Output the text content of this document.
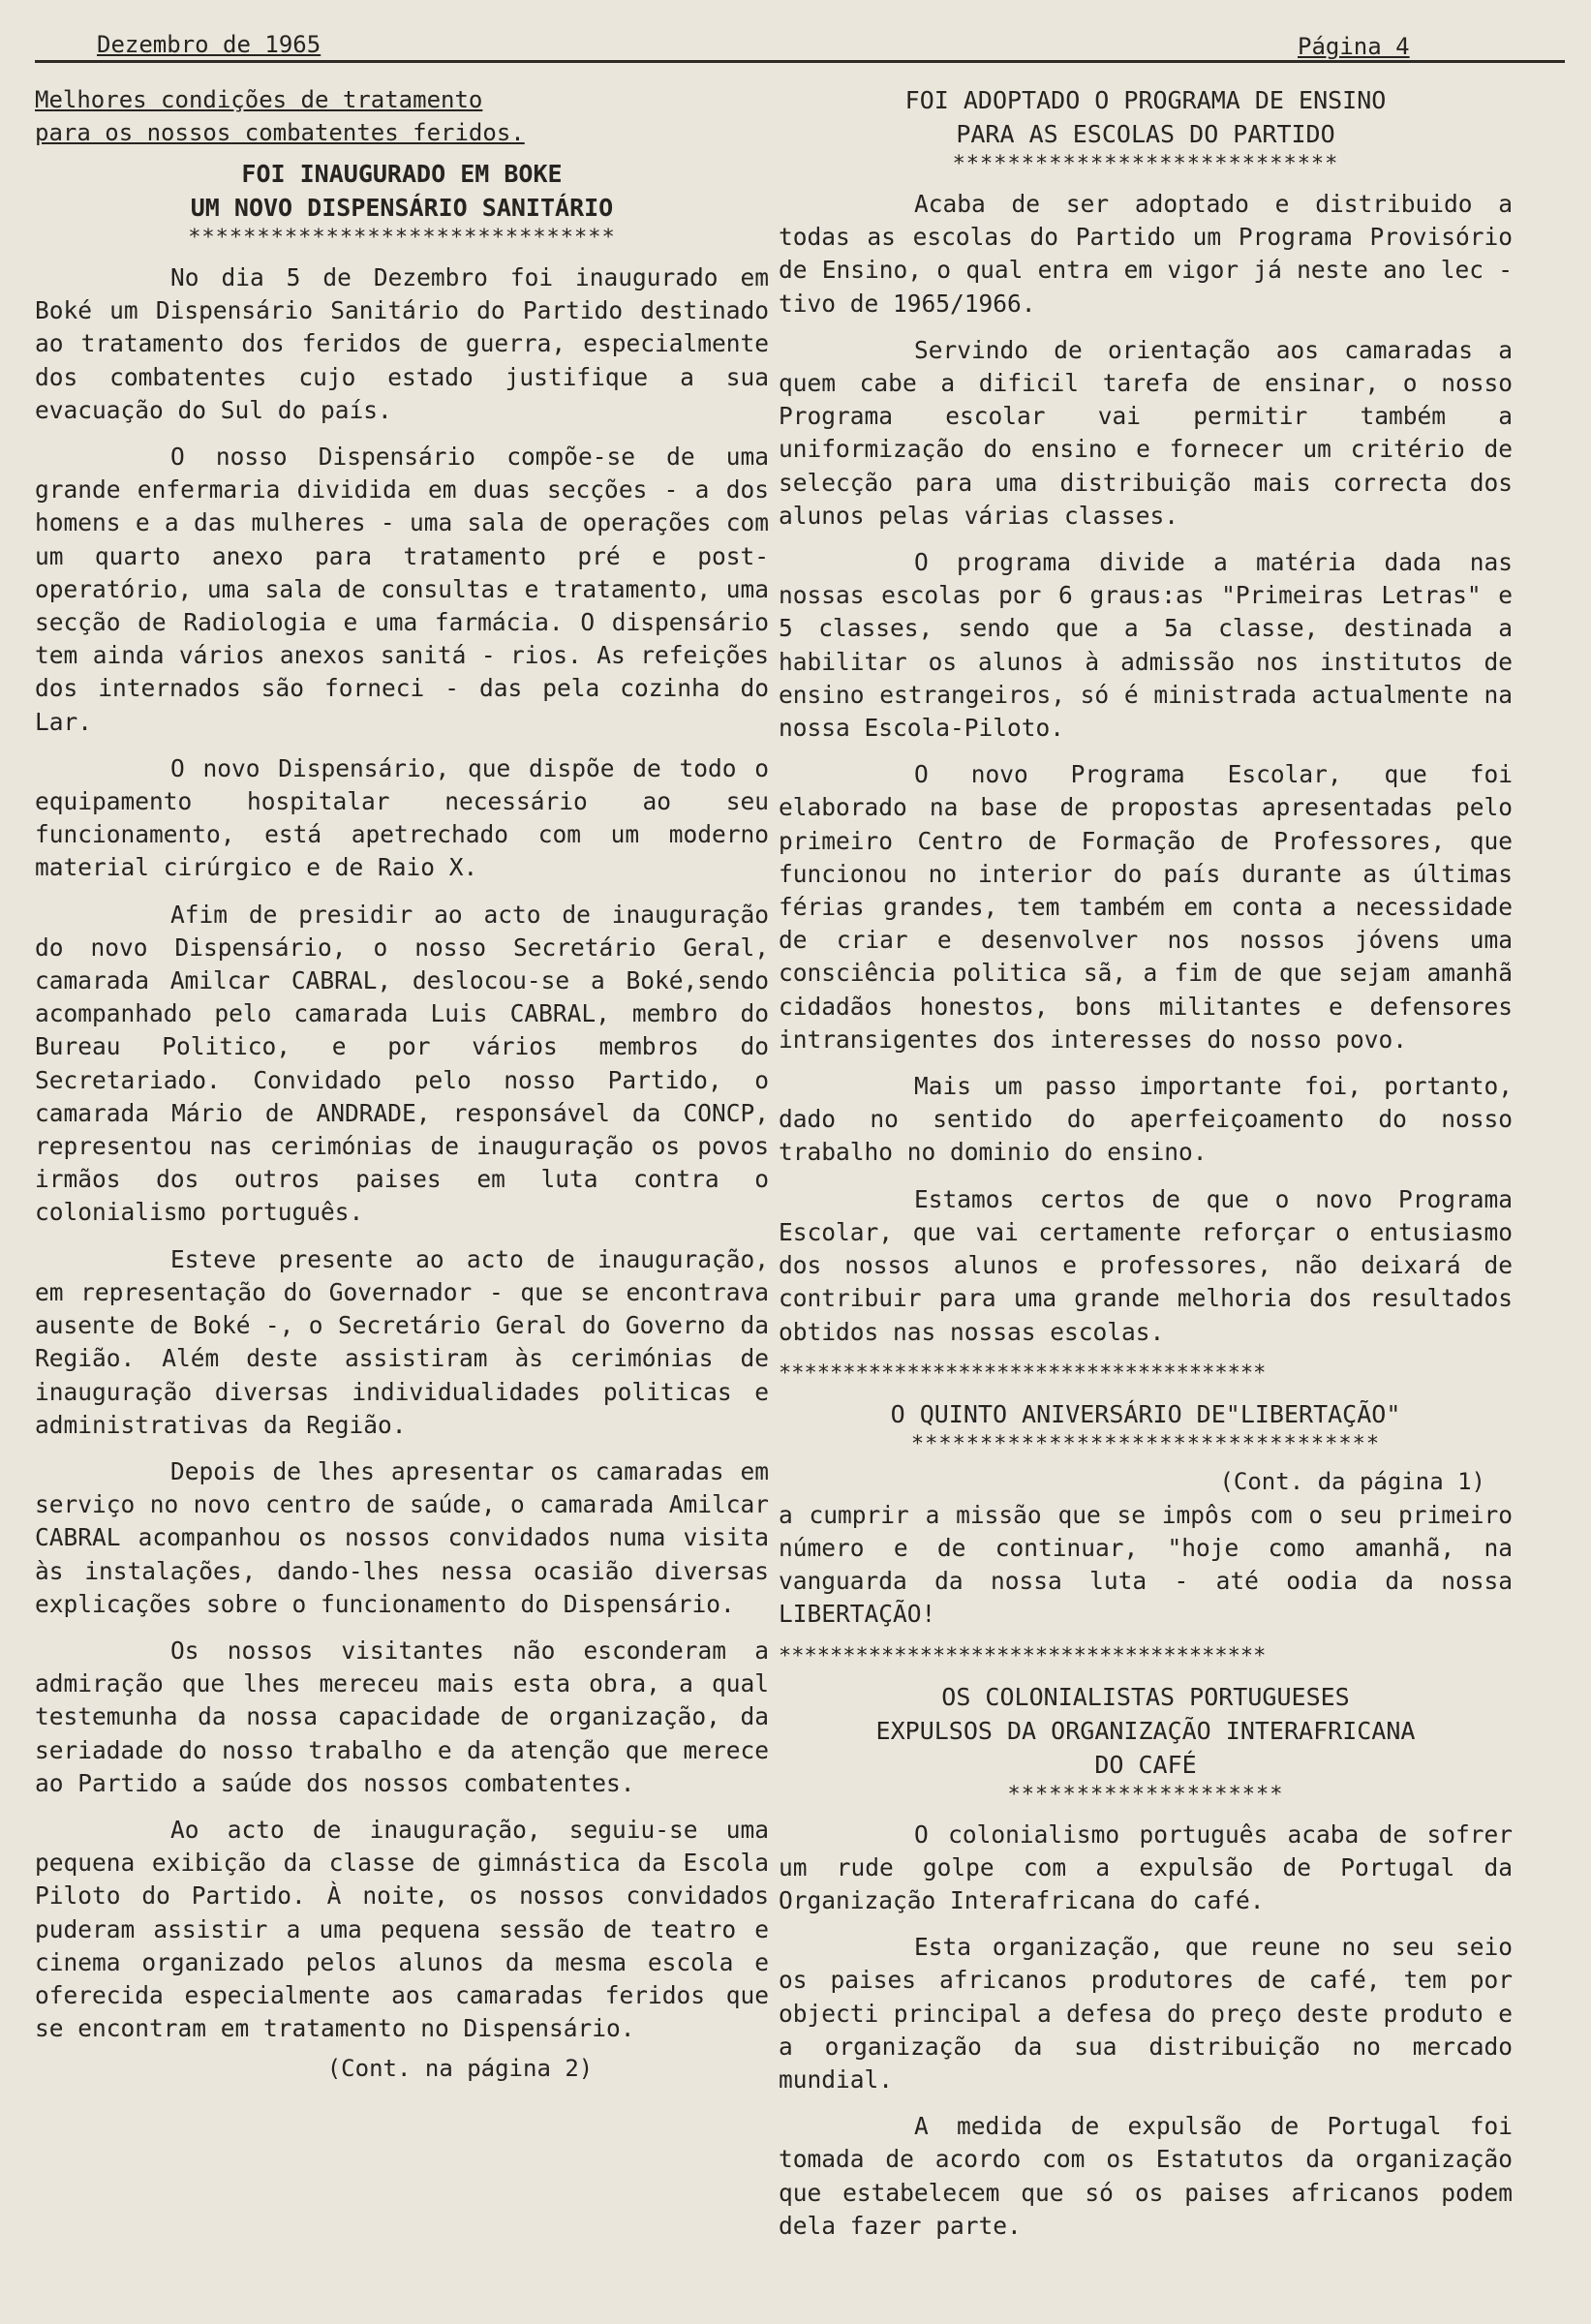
Dezembro de 1965	Página 4
Melhores condições de tratamento para os nossos combatentes feridos.
FOI INAUGURADO EM BOKE
UM NOVO DISPENSÁRIO SANITÁRIO
*******************************

No dia 5 de Dezembro foi inaugurado em Boké um Dispensário Sanitário do Partido destinado ao tratamento dos feridos de guerra, especialmente dos combatentes cujo estado justifique a sua evacuação do Sul do país.

O nosso Dispensário compõe-se de uma grande enfermaria dividida em duas secções - a dos homens e a das mulheres - uma sala de operações com um quarto anexo para tratamento pré e post-operatório, uma sala de consultas e tratamento, uma secção de Radiologia e uma farmácia. O dispensário tem ainda vários anexos sanitá - rios. As refeições dos internados são forneci - das pela cozinha do Lar.

O novo Dispensário, que dispõe de todo o equipamento hospitalar necessário ao seu funcionamento, está apetrechado com um moderno material cirúrgico e de Raio X.

Afim de presidir ao acto de inauguração do novo Dispensário, o nosso Secretário Geral, camarada Amilcar CABRAL, deslocou-se a Boké,sendo acompanhado pelo camarada Luis CABRAL, membro do Bureau Politico, e por vários membros do Secretariado. Convidado pelo nosso Partido, o camarada Mário de ANDRADE, responsável da CONCP, representou nas cerimónias de inauguração os povos irmãos dos outros paises em luta contra o colonialismo português.

Esteve presente ao acto de inauguração, em representação do Governador - que se encontrava ausente de Boké -, o Secretário Geral do Governo da Região. Além deste assistiram às cerimónias de inauguração diversas individualidades politicas e administrativas da Região.

Depois de lhes apresentar os camaradas em serviço no novo centro de saúde, o camarada Amilcar CABRAL acompanhou os nossos convidados numa visita às instalações, dando-lhes nessa ocasião diversas explicações sobre o funcionamento do Dispensário.

Os nossos visitantes não esconderam a admiração que lhes mereceu mais esta obra, a qual testemunha da nossa capacidade de organização, da seriadade do nosso trabalho e da atenção que merece ao Partido a saúde dos nossos combatentes.

Ao acto de inauguração, seguiu-se uma pequena exibição da classe de gimnástica da Escola Piloto do Partido. À noite, os nossos convidados puderam assistir a uma pequena sessão de teatro e cinema organizado pelos alunos da mesma escola e oferecida especialmente aos camaradas feridos que se encontram em tratamento no Dispensário.

(Cont. na página 2)
FOI ADOPTADO O PROGRAMA DE ENSINO
PARA AS ESCOLAS DO PARTIDO
****************************

Acaba de ser adoptado e distribuido a todas as escolas do Partido um Programa Provisório de Ensino, o qual entra em vigor já neste ano lec - tivo de 1965/1966.

Servindo de orientação aos camaradas a quem cabe a dificil tarefa de ensinar, o nosso Programa escolar vai permitir também a uniformização do ensino e fornecer um critério de selecção para uma distribuição mais correcta dos alunos pelas várias classes.

O programa divide a matéria dada nas nossas escolas por 6 graus:as "Primeiras Letras" e 5 classes, sendo que a 5a classe, destinada a habilitar os alunos à admissão nos institutos de ensino estrangeiros, só é ministrada actualmente na nossa Escola-Piloto.

O novo Programa Escolar, que foi elaborado na base de propostas apresentadas pelo primeiro Centro de Formação de Professores, que funcionou no interior do país durante as últimas férias grandes, tem também em conta a necessidade de criar e desenvolver nos nossos jóvens uma consciência politica sã, a fim de que sejam amanhã cidadãos honestos, bons militantes e defensores intransigentes dos interesses do nosso povo.

Mais um passo importante foi, portanto, dado no sentido do aperfeiçoamento do nosso trabalho no dominio do ensino.

Estamos certos de que o novo Programa Escolar, que vai certamente reforçar o entusiasmo dos nossos alunos e professores, não deixará de contribuir para uma grande melhoria dos resultados obtidos nas nossas escolas.

**************************************
O QUINTO ANIVERSÁRIO DE"LIBERTAÇÃO"
**********************************
(Cont. da página 1)

a cumprir a missão que se impôs com o seu primeiro número e de continuar, "hoje como amanhã, na vanguarda da nossa luta - até oodia da nossa LIBERTAÇÃO!

**************************************
OS COLONIALISTAS PORTUGUESES
EXPULSOS DA ORGANIZAÇÃO INTERAFRICANA
DO CAFÉ
********************

O colonialismo português acaba de sofrer um rude golpe com a expulsão de Portugal da Organização Interafricana do café.

Esta organização, que reune no seu seio os paises africanos produtores de café, tem por objecti principal a defesa do preço deste produto e a organização da sua distribuição no mercado mundial.

A medida de expulsão de Portugal foi tomada de acordo com os Estatutos da organização que estabelecem que só os paises africanos podem dela fazer parte.
